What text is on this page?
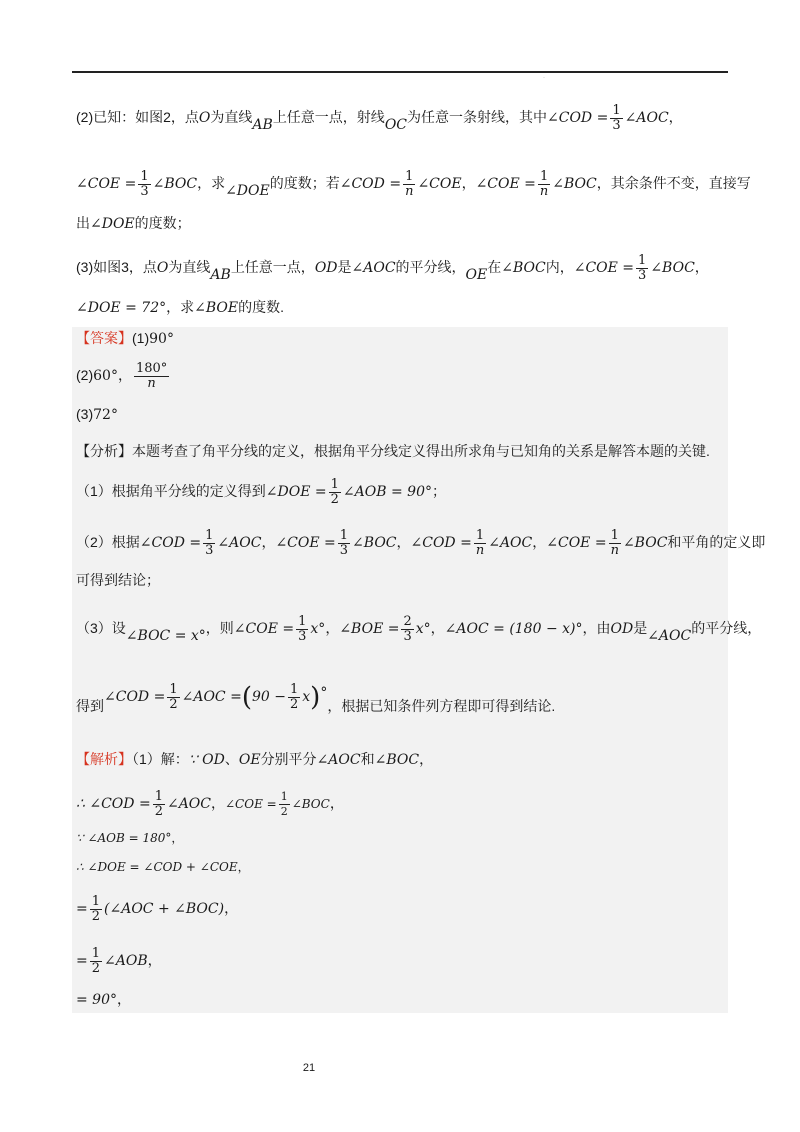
·
(2)已知：如图2，点O为直线AB上任意一点，射线OC为任意一条射线，其中∠COD = $\frac{1}{3}$ ∠AOC，
∠COE = $\frac{1}{3}$ ∠BOC，求∠DOE的度数；若∠COD = $\frac{1}{n}$ ∠COE，∠COE = $\frac{1}{n}$ ∠BOC，其余条件不变，直接写
出∠DOE的度数；
(3)如图3，点O为直线AB上任意一点，OD是∠AOC的平分线，OE在∠BOC内，∠COE = $\frac{1}{3}$ ∠BOC，
∠DOE = 72°，求∠BOE的度数.
【答案】(1)90°
(2)60°， $\frac{180^\circ}{n}$
(3)72°
【分析】本题考查了角平分线的定义，根据角平分线定义得出所求角与已知角的关系是解答本题的关键.
（1）根据角平分线的定义得到∠DOE = $\frac{1}{2}$ ∠AOB = 90°；
（2）根据∠COD = $\frac{1}{3}$ ∠AOC，∠COE = $\frac{1}{3}$ ∠BOC，∠COD = $\frac{1}{n}$ ∠AOC，∠COE = $\frac{1}{n}$ ∠BOC和平角的定义即
可得到结论；
（3）设∠BOC = x°，则∠COE = $\frac{1}{3} x^\circ$，∠BOE = $\frac{2}{3} x^\circ$，∠AOC = (180 − x)°，由OD是∠AOC的平分线，
得到∠COD = $\frac{1}{2}$ ∠AOC $=(90 - \frac{1}{2} x)^\circ$，根据已知条件列方程即可得到结论.
【解析】（1）解：∵ OD、OE分别平分∠AOC和∠BOC，
∴ ∠COD = $\frac{1}{2}$ ∠AOC，∠COE = $\frac{1}{2}$ ∠BOC，
∵ ∠AOB = 180°，
∴ ∠DOE = ∠COD + ∠COE，
= $\frac{1}{2}$ (∠AOC + ∠BOC)，
= $\frac{1}{2}$ ∠AOB，
= 90°，
21
